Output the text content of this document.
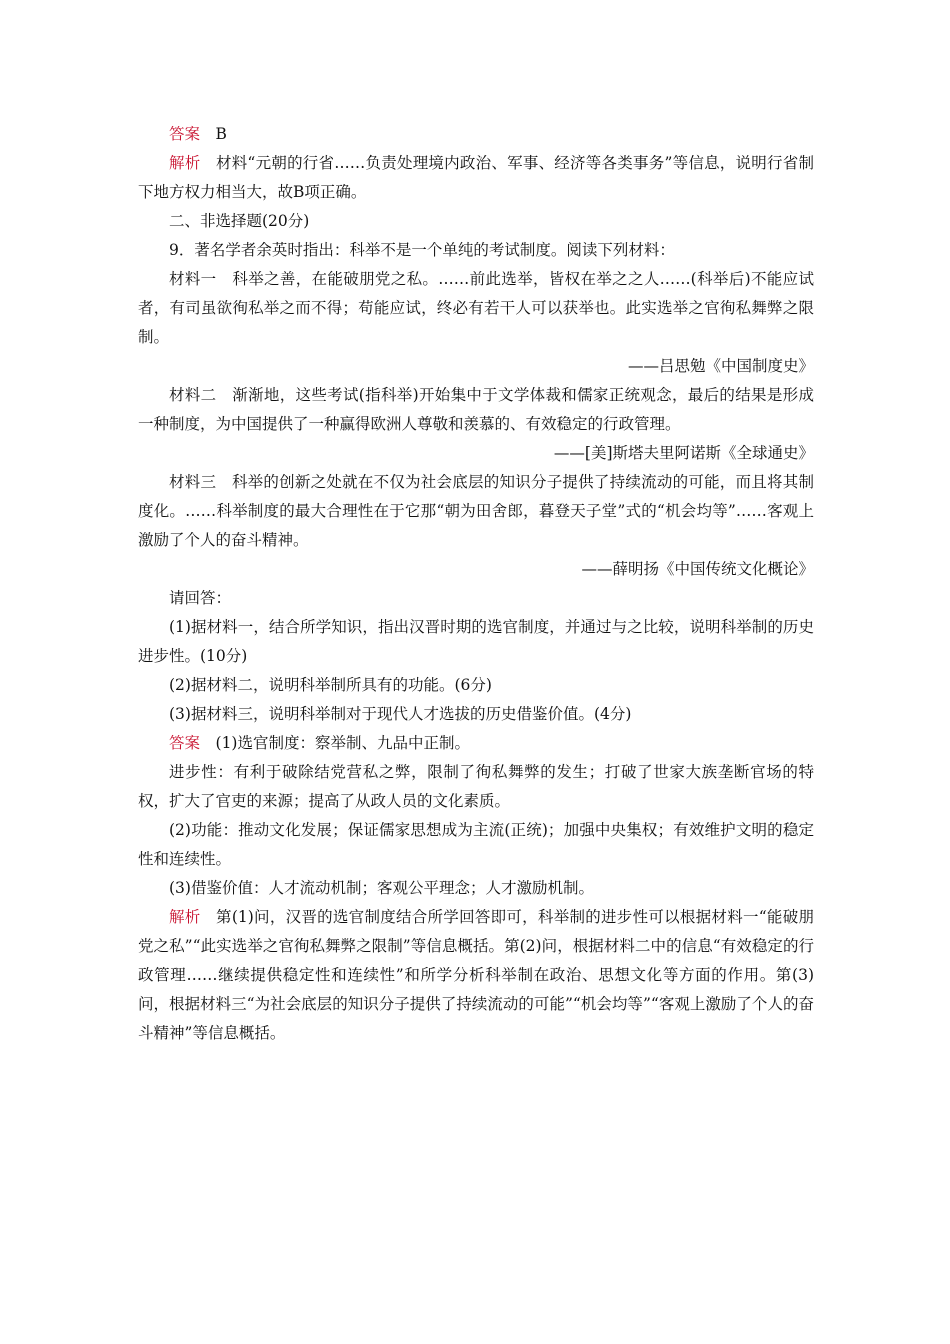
答案 B

解析 材料“元朝的行省……负责处理境内政治、军事、经济等各类事务”等信息，说明行省制下地方权力相当大，故B项正确。

二、非选择题(20分)

9．著名学者余英时指出：科举不是一个单纯的考试制度。阅读下列材料：

材料一　科举之善，在能破朋党之私。……前此选举，皆权在举之之人……(科举后)不能应试者，有司虽欲徇私举之而不得；苟能应试，终必有若干人可以获举也。此实选举之官徇私舞弊之限制。

——吕思勉《中国制度史》

材料二　渐渐地，这些考试(指科举)开始集中于文学体裁和儒家正统观念，最后的结果是形成一种制度，为中国提供了一种赢得欧洲人尊敬和羡慕的、有效稳定的行政管理。

——[美]斯塔夫里阿诺斯《全球通史》

材料三　科举的创新之处就在不仅为社会底层的知识分子提供了持续流动的可能，而且将其制度化。……科举制度的最大合理性在于它那“朝为田舍郎，暮登天子堂”式的“机会均等”……客观上激励了个人的奋斗精神。

——薛明扬《中国传统文化概论》

请回答：

(1)据材料一，结合所学知识，指出汉晋时期的选官制度，并通过与之比较，说明科举制的历史进步性。(10分)

(2)据材料二，说明科举制所具有的功能。(6分)

(3)据材料三，说明科举制对于现代人才选拔的历史借鉴价值。(4分)

答案 (1)选官制度：察举制、九品中正制。

进步性：有利于破除结党营私之弊，限制了徇私舞弊的发生；打破了世家大族垄断官场的特权，扩大了官吏的来源；提高了从政人员的文化素质。

(2)功能：推动文化发展；保证儒家思想成为主流(正统)；加强中央集权；有效维护文明的稳定性和连续性。

(3)借鉴价值：人才流动机制；客观公平理念；人才激励机制。

解析 第(1)问，汉晋的选官制度结合所学回答即可，科举制的进步性可以根据材料一“能破朋党之私”“此实选举之官徇私舞弊之限制”等信息概括。第(2)问，根据材料二中的信息“有效稳定的行政管理……继续提供稳定性和连续性”和所学分析科举制在政治、思想文化等方面的作用。第(3)问，根据材料三“为社会底层的知识分子提供了持续流动的可能”“机会均等”“客观上激励了个人的奋斗精神”等信息概括。
